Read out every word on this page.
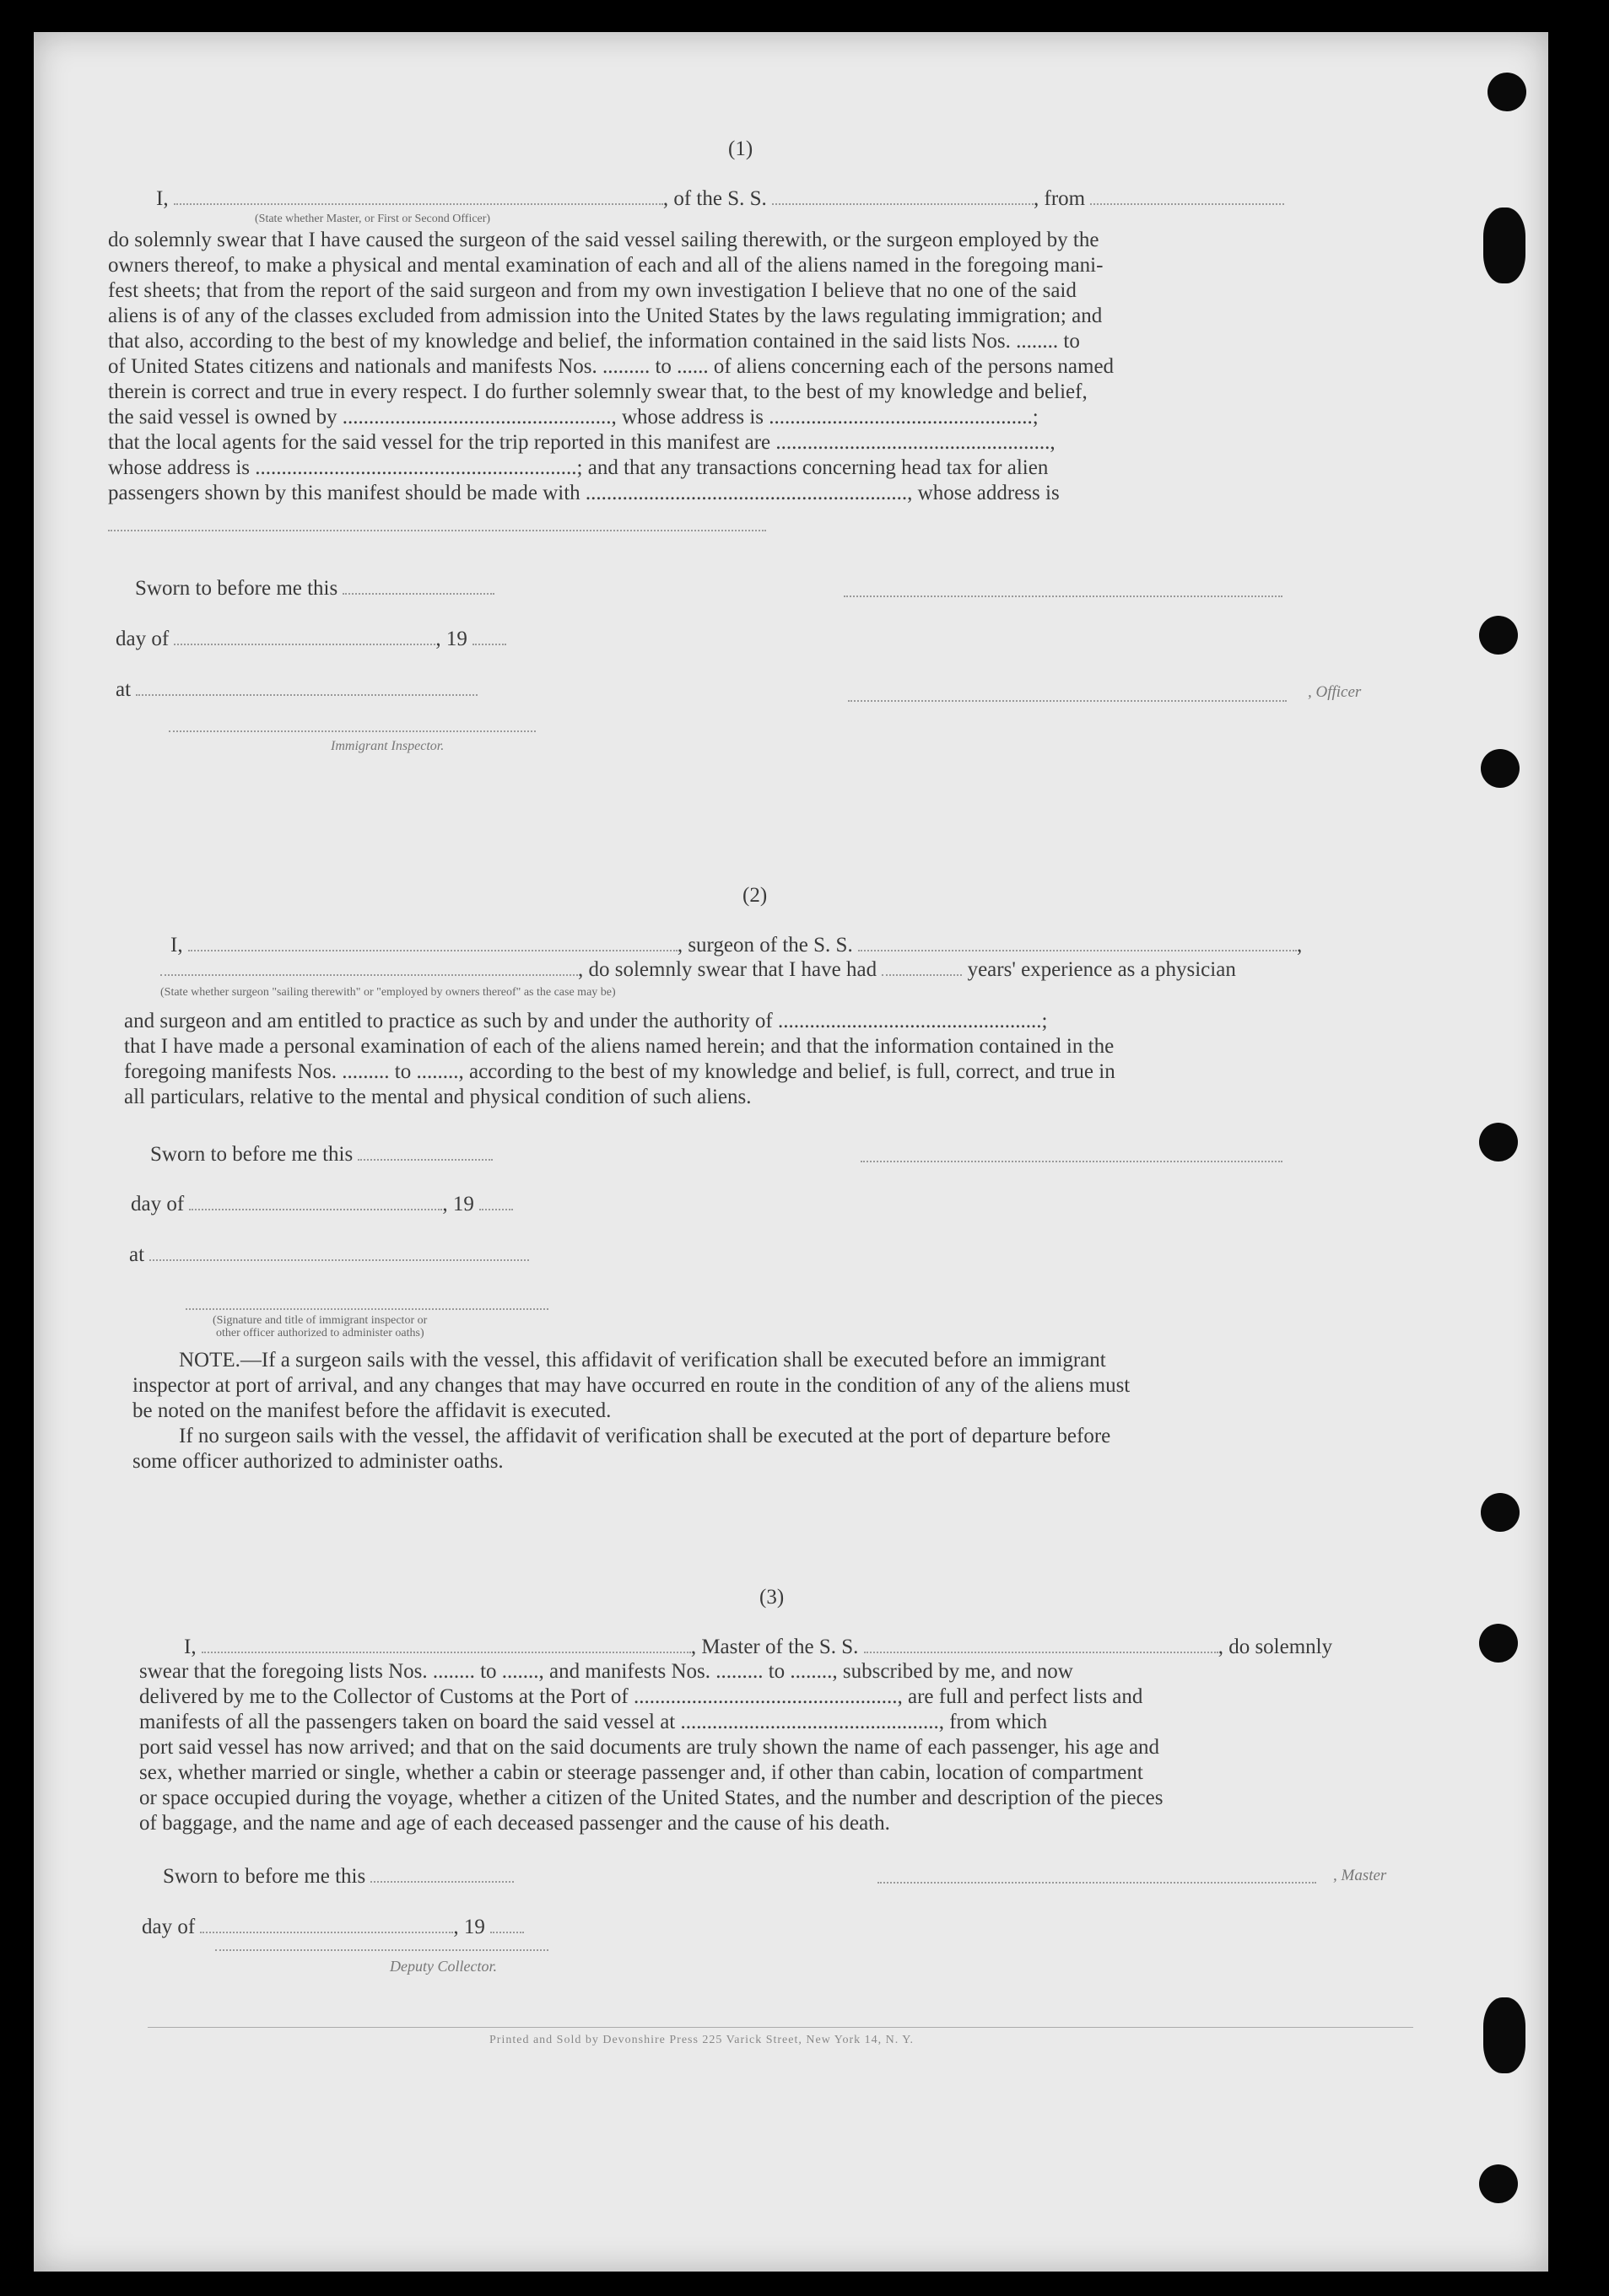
(1)
I,	, of the S. S.	, from
(State whether Master, or First or Second Officer)

do solemnly swear that I have caused the surgeon of the said vessel sailing therewith, or the surgeon employed by the

owners thereof, to make a physical and mental examination of each and all of the aliens named in the foregoing mani-

fest sheets; that from the report of the said surgeon and from my own investigation I believe that no one of the said

aliens is of any of the classes excluded from admission into the United States by the laws regulating immigration; and

that also, according to the best of my knowledge and belief, the information contained in the said lists Nos. ........ to

of United States citizens and nationals and manifests Nos. ......... to ...... of aliens concerning each of the persons named

therein is correct and true in every respect. I do further solemnly swear that, to the best of my knowledge and belief,

the said vessel is owned by ..................................................., whose address is ..................................................;

that the local agents for the said vessel for the trip reported in this manifest are ....................................................,

whose address is .............................................................; and that any transactions concerning head tax for alien

passengers shown by this manifest should be made with ............................................................., whose address is

Sworn to before me this
day of	, 19
at	, Officer
Immigrant Inspector.
(2)
I,	, surgeon of the S. S.	,
, do solemnly swear that I have had	years' experience as a physician
(State whether surgeon "sailing therewith" or "employed by owners thereof" as the case may be)

and surgeon and am entitled to practice as such by and under the authority of ..................................................;

that I have made a personal examination of each of the aliens named herein; and that the information contained in the

foregoing manifests Nos. ......... to ........, according to the best of my knowledge and belief, is full, correct, and true in

all particulars, relative to the mental and physical condition of such aliens.

Sworn to before me this
day of	, 19
at
(Signature and title of immigrant inspector or
other officer authorized to administer oaths)

NOTE.—If a surgeon sails with the vessel, this affidavit of verification shall be executed before an immigrant

inspector at port of arrival, and any changes that may have occurred en route in the condition of any of the aliens must

be noted on the manifest before the affidavit is executed.

If no surgeon sails with the vessel, the affidavit of verification shall be executed at the port of departure before

some officer authorized to administer oaths.

(3)
I,	, Master of the S. S.	, do solemnly

swear that the foregoing lists Nos. ........ to ......., and manifests Nos. ......... to ........, subscribed by me, and now

delivered by me to the Collector of Customs at the Port of .................................................., are full and perfect lists and

manifests of all the passengers taken on board the said vessel at ................................................., from which

port said vessel has now arrived; and that on the said documents are truly shown the name of each passenger, his age and

sex, whether married or single, whether a cabin or steerage passenger and, if other than cabin, location of compartment

or space occupied during the voyage, whether a citizen of the United States, and the number and description of the pieces

of baggage, and the name and age of each deceased passenger and the cause of his death.

Sworn to before me this	, Master
day of	, 19
Deputy Collector.
Printed and Sold by Devonshire Press 225 Varick Street, New York 14, N. Y.
